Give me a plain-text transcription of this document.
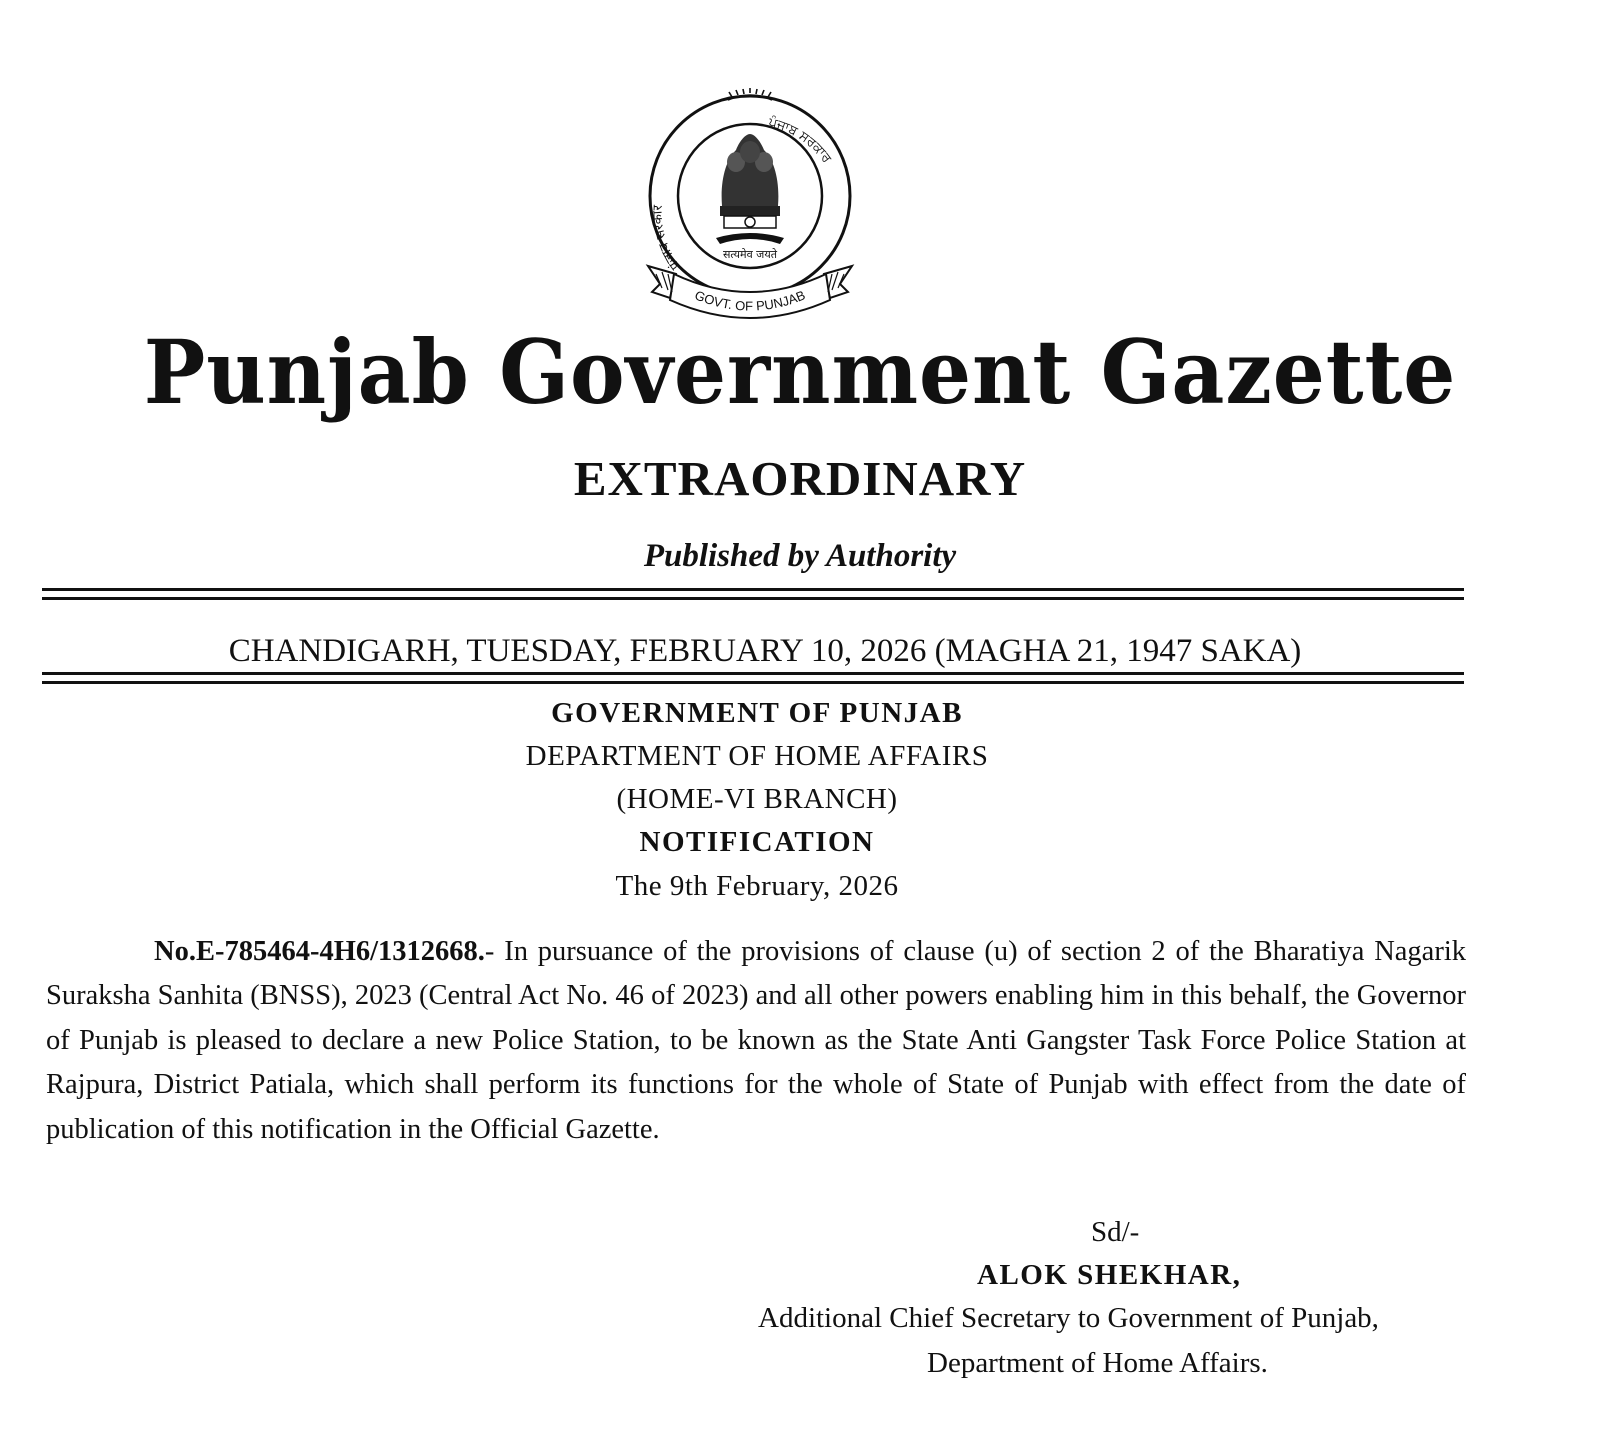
पंजाब सरकार
ਪੰਜਾਬ ਸਰਕਾਰ
सत्यमेव जयते
GOVT. OF PUNJAB
Punjab Government Gazette
EXTRAORDINARY
Published by Authority
CHANDIGARH, TUESDAY, FEBRUARY 10, 2026 (MAGHA 21, 1947 SAKA)
GOVERNMENT OF PUNJAB
DEPARTMENT OF HOME AFFAIRS
(HOME-VI BRANCH)
NOTIFICATION
The 9th February, 2026

No.E-785464-4H6/1312668.- In pursuance of the provisions of clause (u) of section 2 of the Bharatiya Nagarik Suraksha Sanhita (BNSS), 2023 (Central Act No. 46 of 2023) and all other powers enabling him in this behalf, the Governor of Punjab is pleased to declare a new Police Station, to be known as the State Anti Gangster Task Force Police Station at Rajpura, District Patiala, which shall perform its functions for the whole of State of Punjab with effect from the date of publication of this notification in the Official Gazette.

Sd/-
ALOK SHEKHAR,
Additional Chief Secretary to Government of Punjab,
Department of Home Affairs.
